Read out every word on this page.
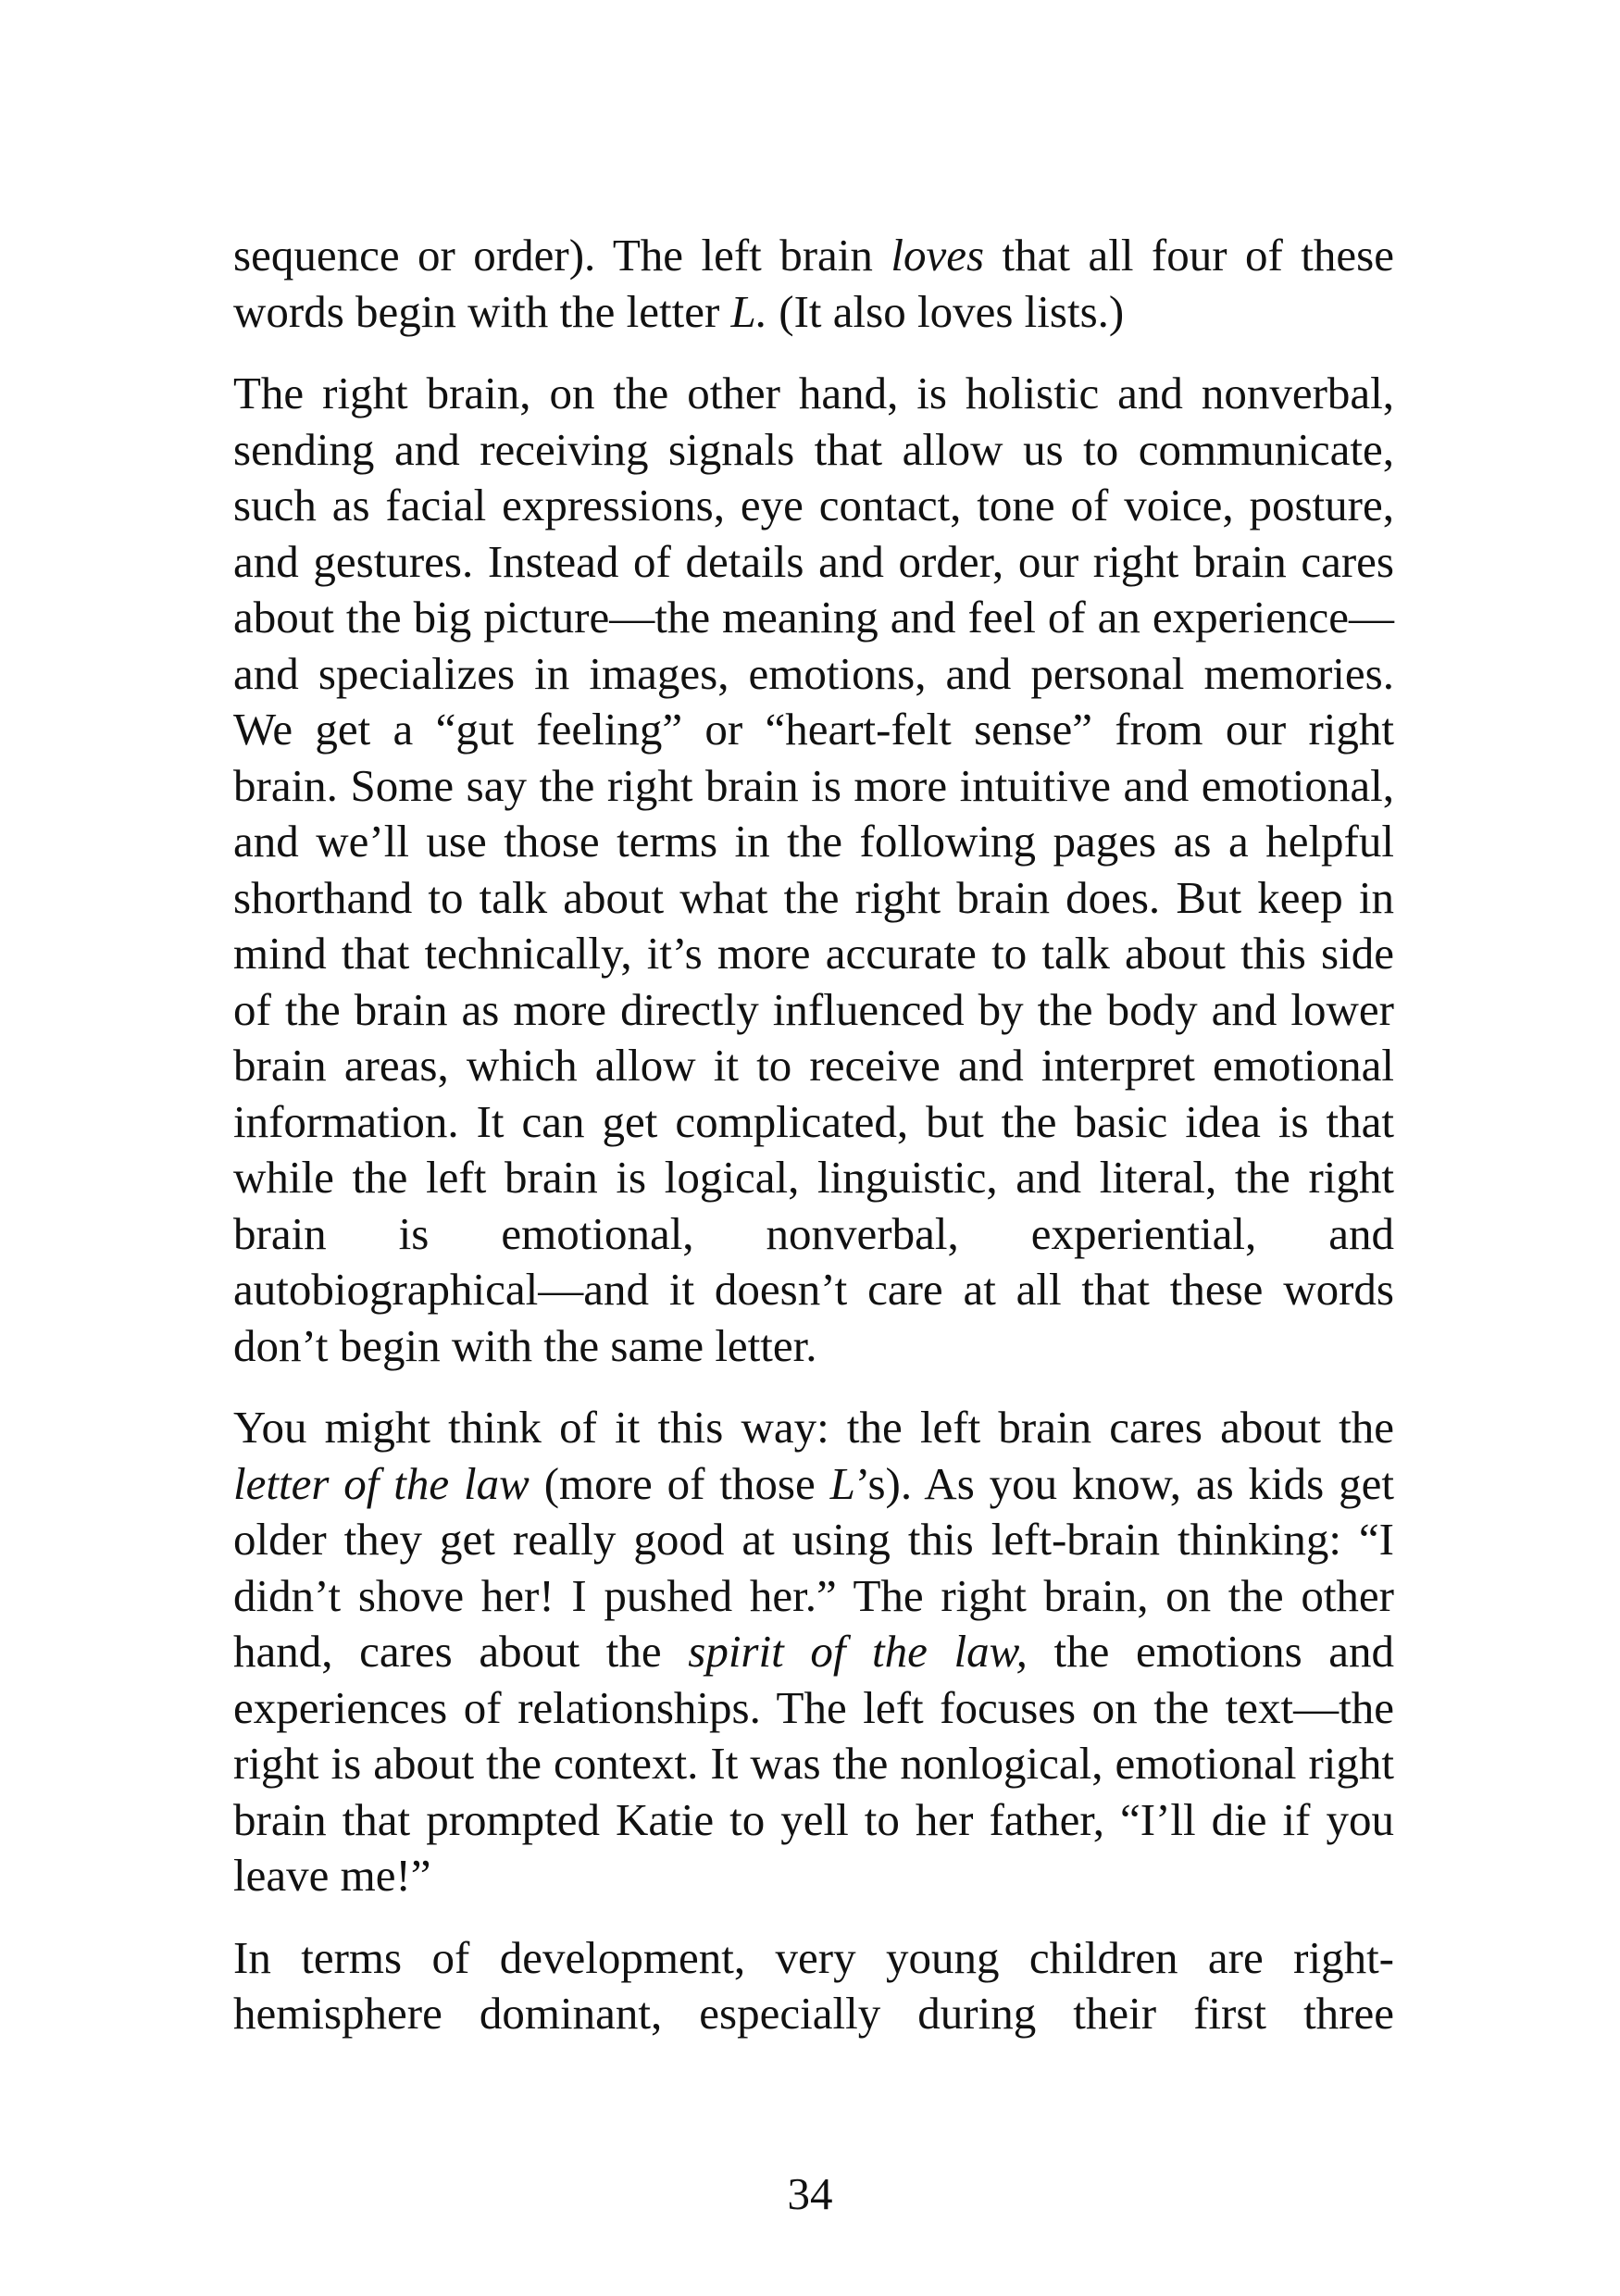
sequence or order). The left brain loves that all four of these words begin with the letter L. (It also loves lists.)

The right brain, on the other hand, is holistic and nonverbal, sending and receiving signals that allow us to communicate, such as facial expressions, eye contact, tone of voice, posture, and gestures. Instead of details and order, our right brain cares about the big picture—the meaning and feel of an experience—and specializes in images, emotions, and personal memories. We get a “gut feeling” or “heart-felt sense” from our right brain. Some say the right brain is more intuitive and emotional, and we’ll use those terms in the following pages as a helpful shorthand to talk about what the right brain does. But keep in mind that technically, it’s more accurate to talk about this side of the brain as more directly influenced by the body and lower brain areas, which allow it to receive and interpret emotional information. It can get complicated, but the basic idea is that while the left brain is logical, linguistic, and literal, the right brain is emotional, nonverbal, experiential, and autobiographical—and it doesn’t care at all that these words don’t begin with the same letter.

You might think of it this way: the left brain cares about the letter of the law (more of those L’s). As you know, as kids get older they get really good at using this left-brain thinking: “I didn’t shove her! I pushed her.” The right brain, on the other hand, cares about the spirit of the law, the emotions and experiences of relationships. The left focuses on the text—the right is about the context. It was the nonlogical, emotional right brain that prompted Katie to yell to her father, “I’ll die if you leave me!”

In terms of development, very young children are right-hemisphere dominant, especially during their first three

34
